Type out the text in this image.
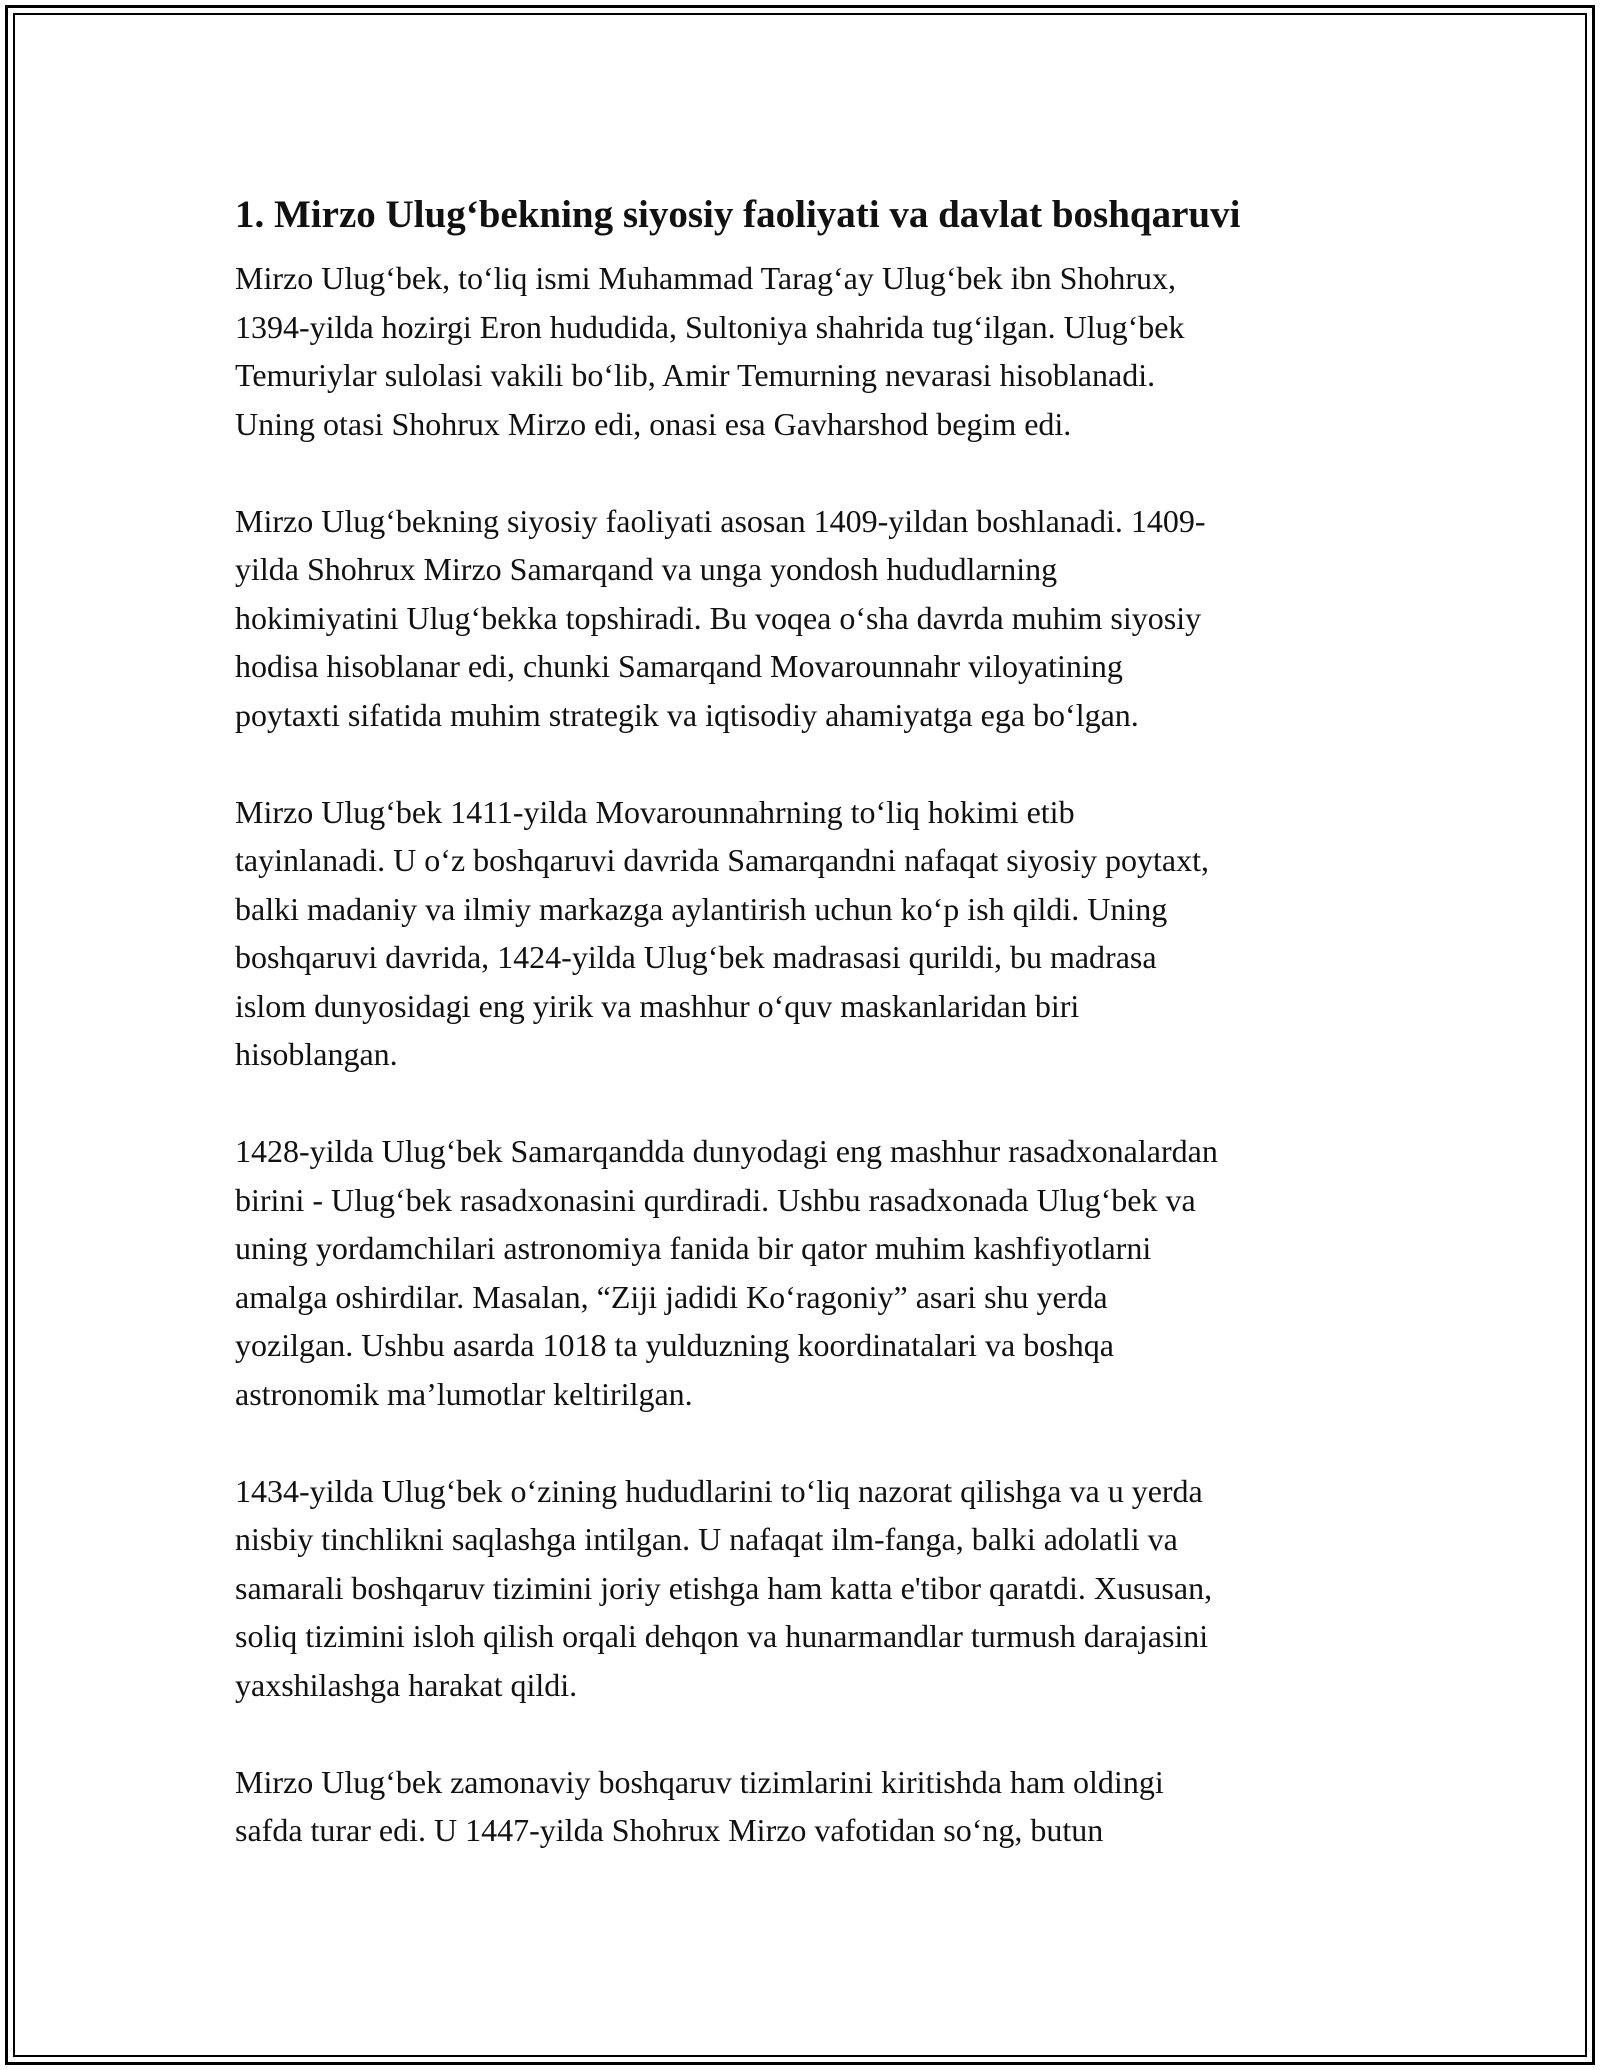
1. Mirzo Ulug‘bekning siyosiy faoliyati va davlat boshqaruvi

Mirzo Ulug‘bek, to‘liq ismi Muhammad Tarag‘ay Ulug‘bek ibn Shohrux,
1394-yilda hozirgi Eron hududida, Sultoniya shahrida tug‘ilgan. Ulug‘bek
Temuriylar sulolasi vakili bo‘lib, Amir Temurning nevarasi hisoblanadi.
Uning otasi Shohrux Mirzo edi, onasi esa Gavharshod begim edi.

Mirzo Ulug‘bekning siyosiy faoliyati asosan 1409-yildan boshlanadi. 1409-
yilda Shohrux Mirzo Samarqand va unga yondosh hududlarning
hokimiyatini Ulug‘bekka topshiradi. Bu voqea o‘sha davrda muhim siyosiy
hodisa hisoblanar edi, chunki Samarqand Movarounnahr viloyatining
poytaxti sifatida muhim strategik va iqtisodiy ahamiyatga ega bo‘lgan.

Mirzo Ulug‘bek 1411-yilda Movarounnahrning to‘liq hokimi etib
tayinlanadi. U o‘z boshqaruvi davrida Samarqandni nafaqat siyosiy poytaxt,
balki madaniy va ilmiy markazga aylantirish uchun ko‘p ish qildi. Uning
boshqaruvi davrida, 1424-yilda Ulug‘bek madrasasi qurildi, bu madrasa
islom dunyosidagi eng yirik va mashhur o‘quv maskanlaridan biri
hisoblangan.

1428-yilda Ulug‘bek Samarqandda dunyodagi eng mashhur rasadxonalardan
birini - Ulug‘bek rasadxonasini qurdiradi. Ushbu rasadxonada Ulug‘bek va
uning yordamchilari astronomiya fanida bir qator muhim kashfiyotlarni
amalga oshirdilar. Masalan, “Ziji jadidi Ko‘ragoniy” asari shu yerda
yozilgan. Ushbu asarda 1018 ta yulduzning koordinatalari va boshqa
astronomik ma’lumotlar keltirilgan.

1434-yilda Ulug‘bek o‘zining hududlarini to‘liq nazorat qilishga va u yerda
nisbiy tinchlikni saqlashga intilgan. U nafaqat ilm-fanga, balki adolatli va
samarali boshqaruv tizimini joriy etishga ham katta e'tibor qaratdi. Xususan,
soliq tizimini isloh qilish orqali dehqon va hunarmandlar turmush darajasini
yaxshilashga harakat qildi.

Mirzo Ulug‘bek zamonaviy boshqaruv tizimlarini kiritishda ham oldingi
safda turar edi. U 1447-yilda Shohrux Mirzo vafotidan so‘ng, butun
